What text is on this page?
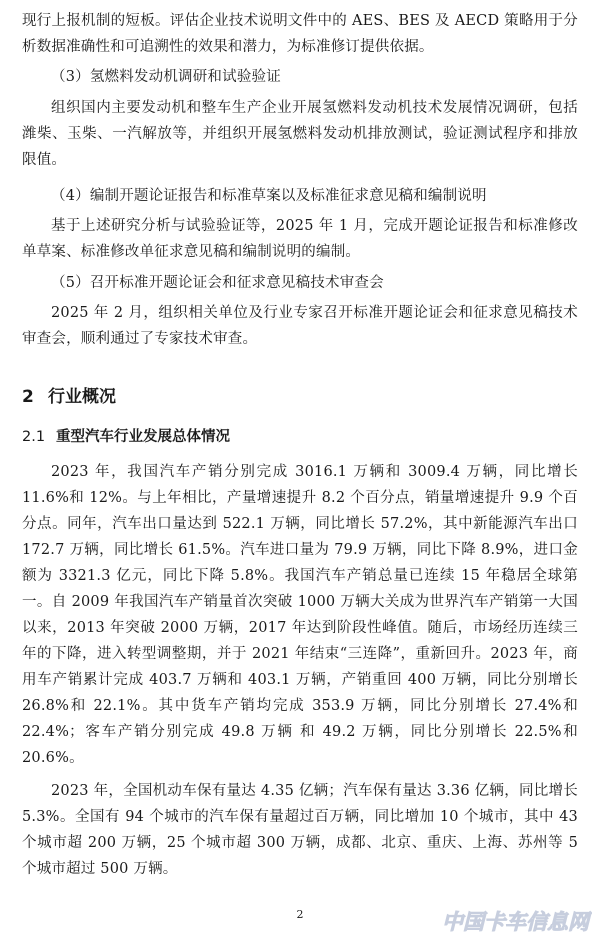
现行上报机制的短板。评估企业技术说明文件中的 AES、BES 及 AECD 策略用于分析数据准确性和可追溯性的效果和潜力，为标准修订提供依据。

（3）氢燃料发动机调研和试验验证

组织国内主要发动机和整车生产企业开展氢燃料发动机技术发展情况调研，包括潍柴、玉柴、一汽解放等，并组织开展氢燃料发动机排放测试，验证测试程序和排放限值。

（4）编制开题论证报告和标准草案以及标准征求意见稿和编制说明

基于上述研究分析与试验验证等，2025 年 1 月，完成开题论证报告和标准修改单草案、标准修改单征求意见稿和编制说明的编制。

（5）召开标准开题论证会和征求意见稿技术审查会

2025 年 2 月，组织相关单位及行业专家召开标准开题论证会和征求意见稿技术审查会，顺利通过了专家技术审查。

2 行业概况
2.1 重型汽车行业发展总体情况

2023 年，我国汽车产销分别完成 3016.1 万辆和 3009.4 万辆，同比增长 11.6%和 12%。与上年相比，产量增速提升 8.2 个百分点，销量增速提升 9.9 个百分点。同年，汽车出口量达到 522.1 万辆，同比增长 57.2%，其中新能源汽车出口 172.7 万辆，同比增长 61.5%。汽车进口量为 79.9 万辆，同比下降 8.9%，进口金额为 3321.3 亿元，同比下降 5.8%。我国汽车产销总量已连续 15 年稳居全球第一。自 2009 年我国汽车产销量首次突破 1000 万辆大关成为世界汽车产销第一大国以来，2013 年突破 2000 万辆，2017 年达到阶段性峰值。随后，市场经历连续三年的下降，进入转型调整期，并于 2021 年结束“三连降”，重新回升。2023 年，商用车产销累计完成 403.7 万辆和 403.1 万辆，产销重回 400 万辆，同比分别增长 26.8%和 22.1%。其中货车产销均完成 353.9 万辆，同比分别增长 27.4%和 22.4%；客车产销分别完成 49.8 万辆 和 49.2 万辆，同比分别增长 22.5%和 20.6%。

2023 年，全国机动车保有量达 4.35 亿辆；汽车保有量达 3.36 亿辆，同比增长 5.3%。全国有 94 个城市的汽车保有量超过百万辆，同比增加 10 个城市，其中 43 个城市超 200 万辆，25 个城市超 300 万辆，成都、北京、重庆、上海、苏州等 5 个城市超过 500 万辆。

2	中国卡车信息网
